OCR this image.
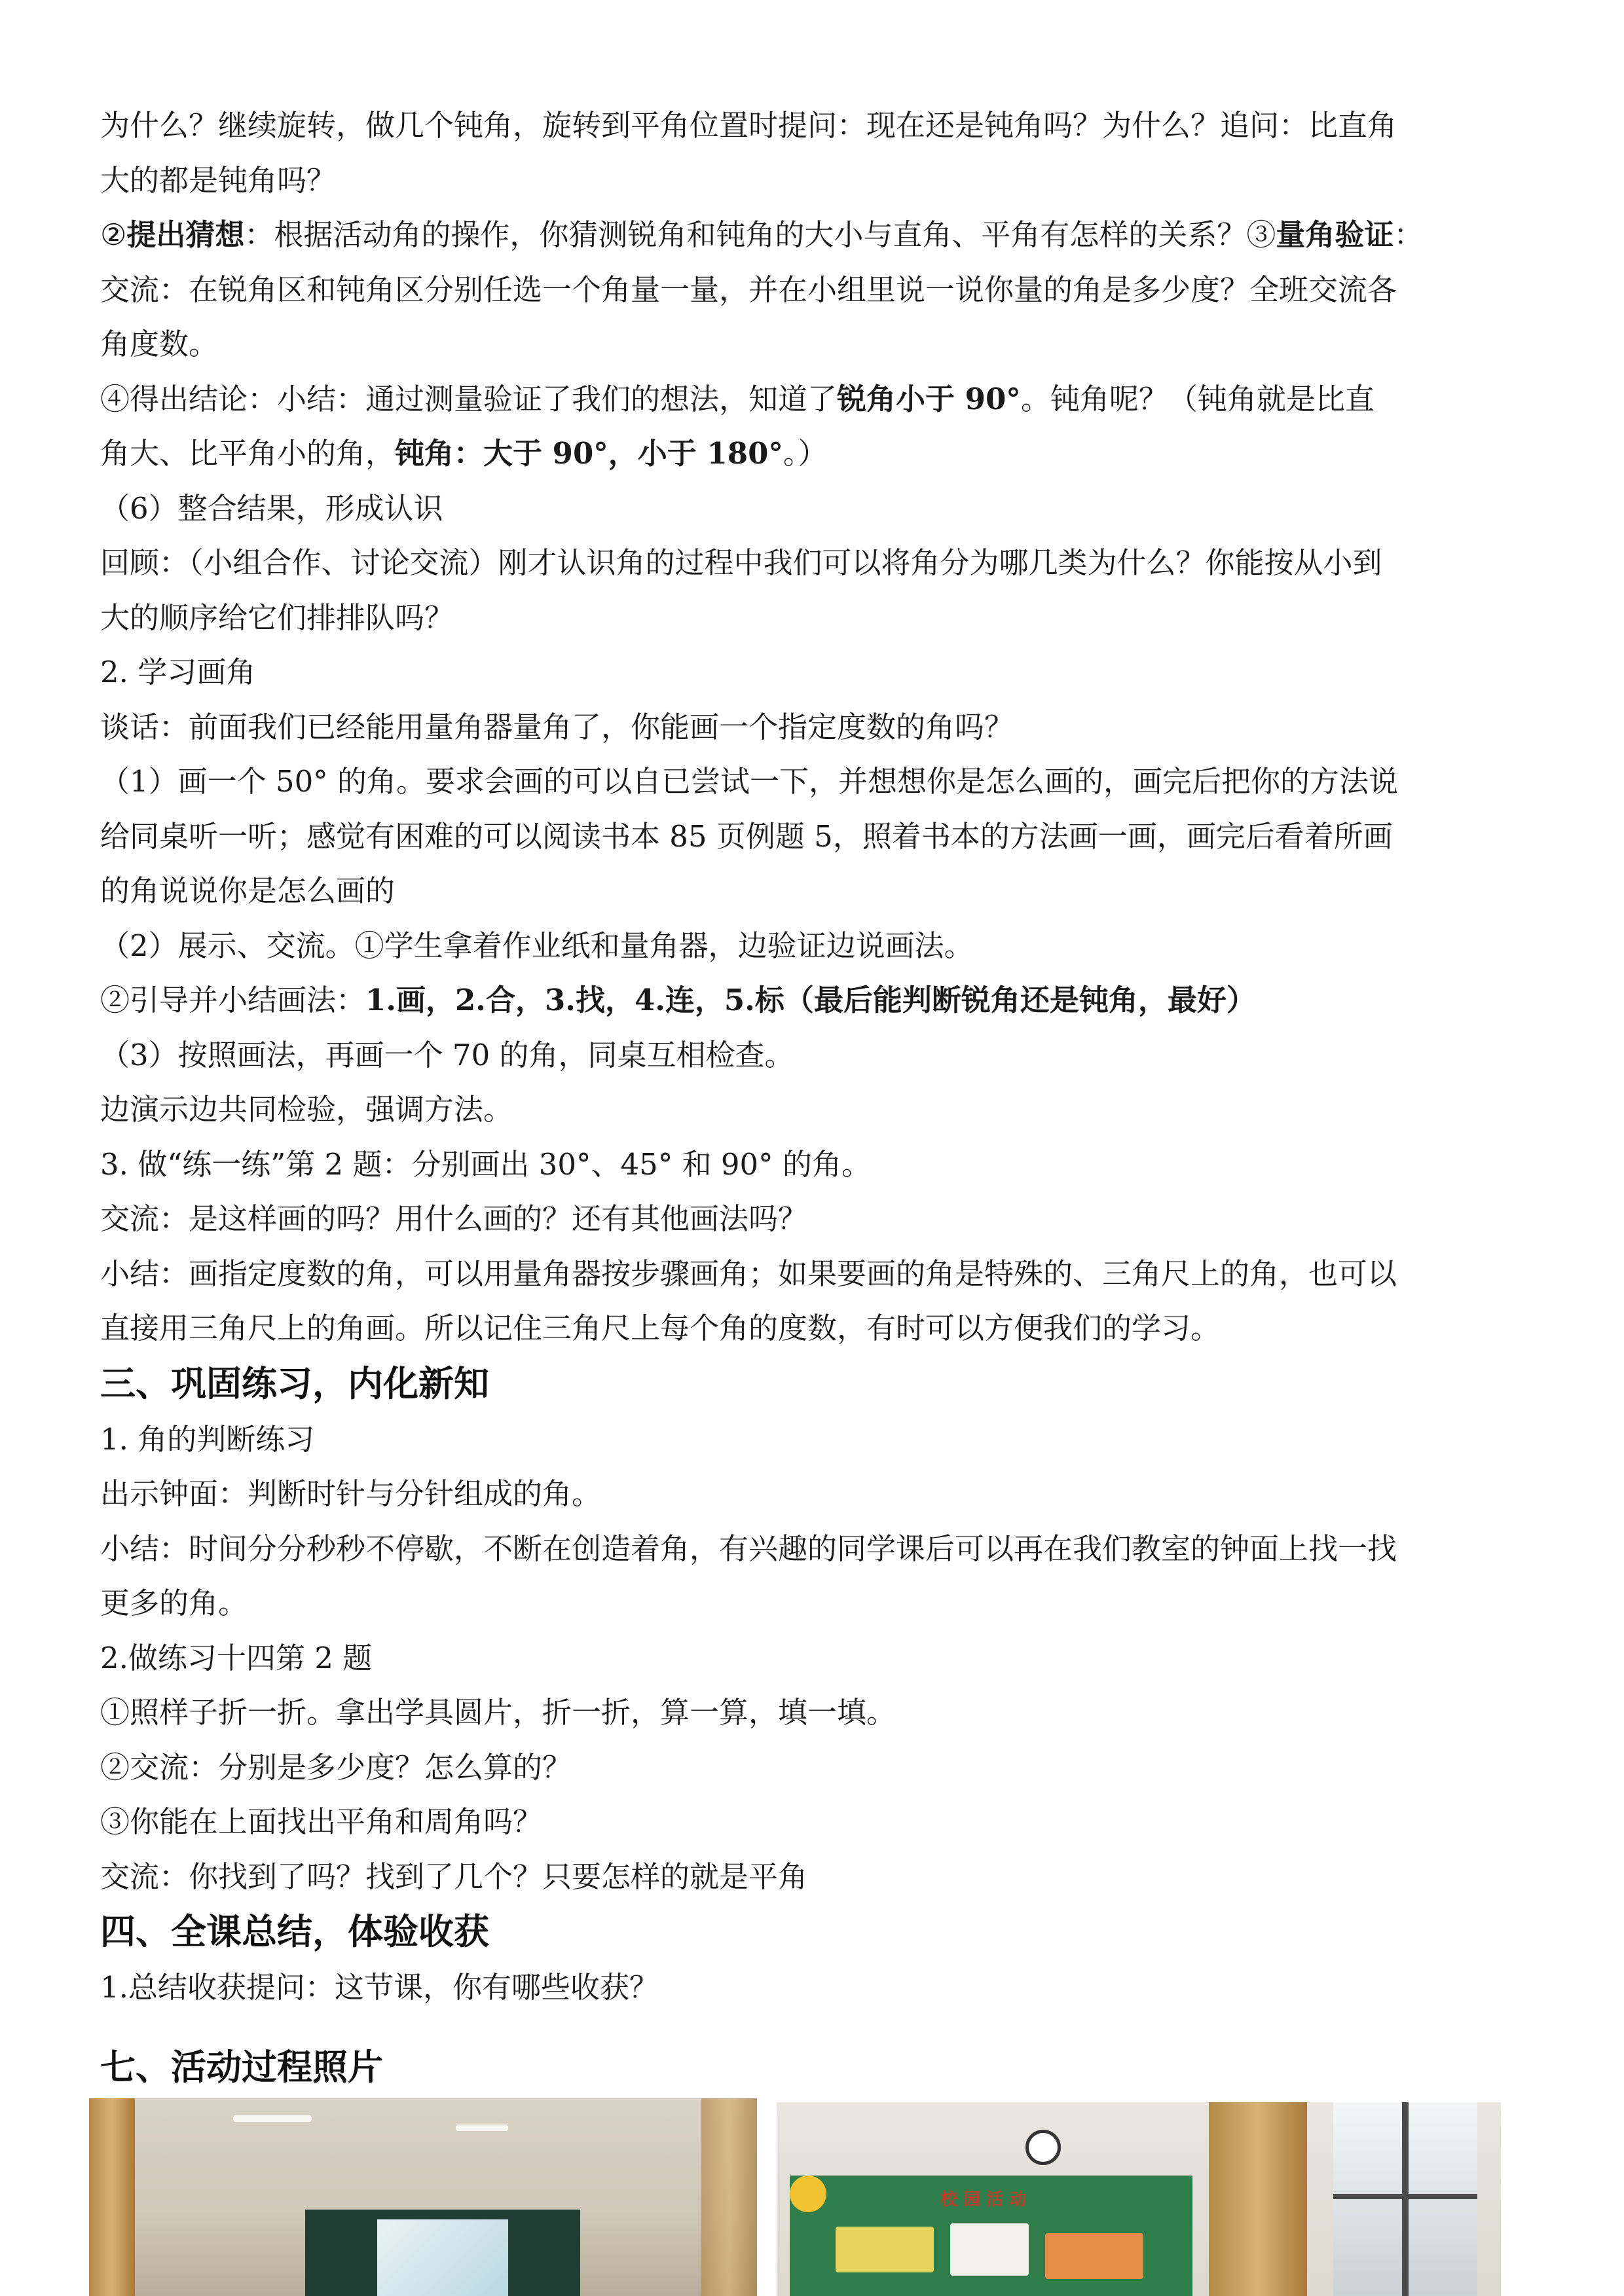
为什么？继续旋转，做几个钝角，旋转到平角位置时提问：现在还是钝角吗？为什么？追问：比直角

大的都是钝角吗？

②提出猜想：根据活动角的操作，你猜测锐角和钝角的大小与直角、平角有怎样的关系？③量角验证：

交流：在锐角区和钝角区分别任选一个角量一量，并在小组里说一说你量的角是多少度？全班交流各

角度数。

④得出结论：小结：通过测量验证了我们的想法，知道了锐角小于 90°。钝角呢？（钝角就是比直

角大、比平角小的角，钝角：大于 90°，小于 180°。）

（6）整合结果，形成认识

回顾：（小组合作、讨论交流）刚才认识角的过程中我们可以将角分为哪几类为什么？你能按从小到

大的顺序给它们排排队吗？

2. 学习画角

谈话：前面我们已经能用量角器量角了，你能画一个指定度数的角吗？

（1）画一个 50° 的角。要求会画的可以自已尝试一下，并想想你是怎么画的，画完后把你的方法说

给同桌听一听；感觉有困难的可以阅读书本 85 页例题 5，照着书本的方法画一画，画完后看着所画

的角说说你是怎么画的

（2）展示、交流。①学生拿着作业纸和量角器，边验证边说画法。

②引导并小结画法：1.画，2.合，3.找，4.连，5.标（最后能判断锐角还是钝角，最好）

（3）按照画法，再画一个 70 的角，同桌互相检查。

边演示边共同检验，强调方法。

3. 做“练一练”第 2 题：分别画出 30°、45° 和 90° 的角。

交流：是这样画的吗？用什么画的？还有其他画法吗？

小结：画指定度数的角，可以用量角器按步骤画角；如果要画的角是特殊的、三角尺上的角，也可以

直接用三角尺上的角画。所以记住三角尺上每个角的度数，有时可以方便我们的学习。

三、巩固练习，内化新知

1. 角的判断练习

出示钟面：判断时针与分针组成的角。

小结：时间分分秒秒不停歇，不断在创造着角，有兴趣的同学课后可以再在我们教室的钟面上找一找

更多的角。

2.做练习十四第 2 题

①照样子折一折。拿出学具圆片，折一折，算一算，填一填。

②交流：分别是多少度？怎么算的？

③你能在上面找出平角和周角吗？

交流：你找到了吗？找到了几个？只要怎样的就是平角

四、全课总结，体验收获

1.总结收获提问：这节课，你有哪些收获？

七、活动过程照片
校 园 活 动
